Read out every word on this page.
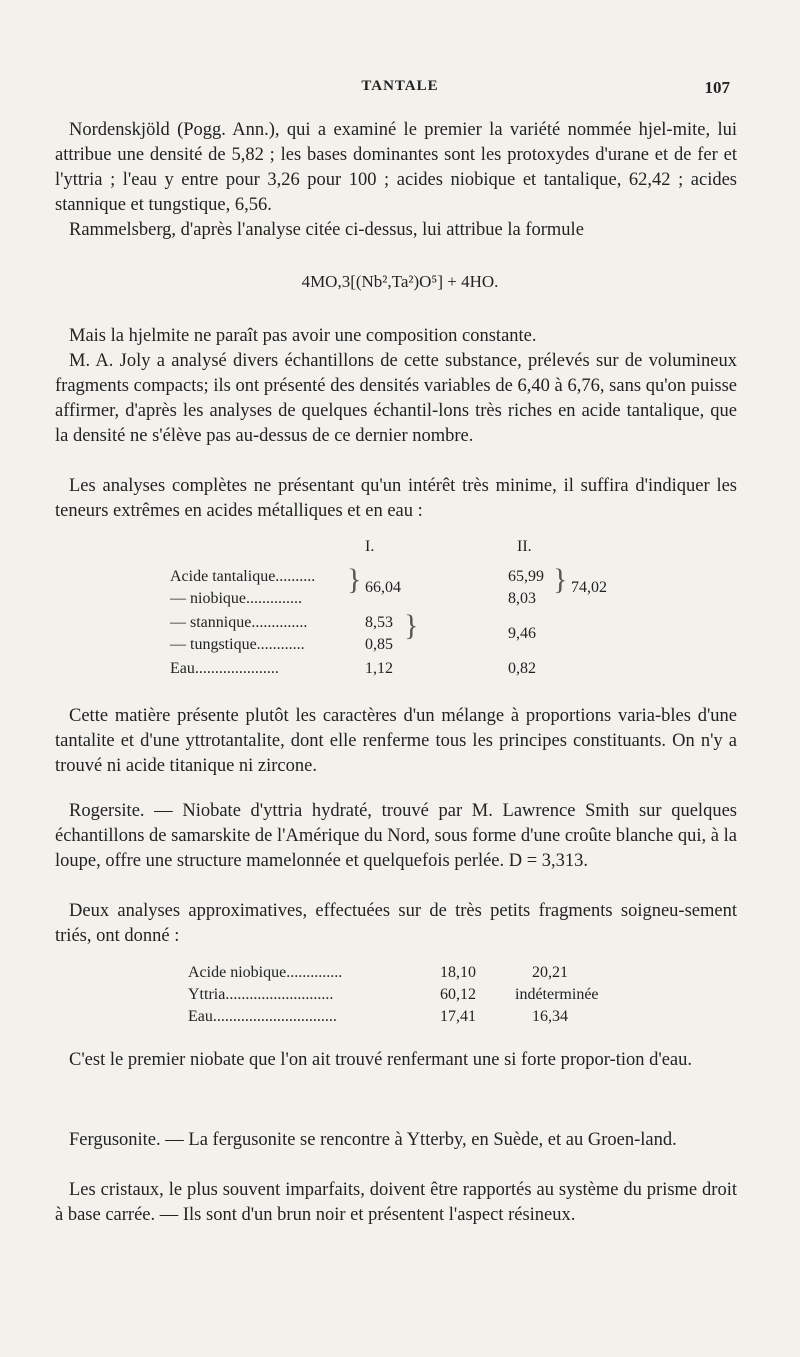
TANTALE	107

Nordenskjöld (Pogg. Ann.), qui a examiné le premier la variété nommée hjel-mite, lui attribue une densité de 5,82 ; les bases dominantes sont les protoxydes d'urane et de fer et l'yttria ; l'eau y entre pour 3,26 pour 100 ; acides niobique et tantalique, 62,42 ; acides stannique et tungstique, 6,56.

Rammelsberg, d'après l'analyse citée ci-dessus, lui attribue la formule

4MO,3[(Nb²,Ta²)O⁵] + 4HO.

Mais la hjelmite ne paraît pas avoir une composition constante.

M. A. Joly a analysé divers échantillons de cette substance, prélevés sur de volumineux fragments compacts; ils ont présenté des densités variables de 6,40 à 6,76, sans qu'on puisse affirmer, d'après les analyses de quelques échantil-lons très riches en acide tantalique, que la densité ne s'élève pas au-dessus de ce dernier nombre.

Les analyses complètes ne présentant qu'un intérêt très minime, il suffira d'indiquer les teneurs extrêmes en acides métalliques et en eau :

I.	II.
Acide tantalique..........
— niobique..............
— stannique..............
— tungstique............
Eau.....................
} 66,04
8,53
0,85
}
1,12
65,99
8,03
} 74,02
9,46
0,82

Cette matière présente plutôt les caractères d'un mélange à proportions varia-bles d'une tantalite et d'une yttrotantalite, dont elle renferme tous les principes constituants. On n'y a trouvé ni acide titanique ni zircone.

Rogersite. — Niobate d'yttria hydraté, trouvé par M. Lawrence Smith sur quelques échantillons de samarskite de l'Amérique du Nord, sous forme d'une croûte blanche qui, à la loupe, offre une structure mamelonnée et quelquefois perlée. D = 3,313.

Deux analyses approximatives, effectuées sur de très petits fragments soigneu-sement triés, ont donné :

Acide niobique..............
Yttria...........................
Eau...............................
18,10
60,12
17,41
20,21
indéterminée
16,34

C'est le premier niobate que l'on ait trouvé renfermant une si forte propor-tion d'eau.

Fergusonite. — La fergusonite se rencontre à Ytterby, en Suède, et au Groen-land.

Les cristaux, le plus souvent imparfaits, doivent être rapportés au système du prisme droit à base carrée. — Ils sont d'un brun noir et présentent l'aspect résineux.
